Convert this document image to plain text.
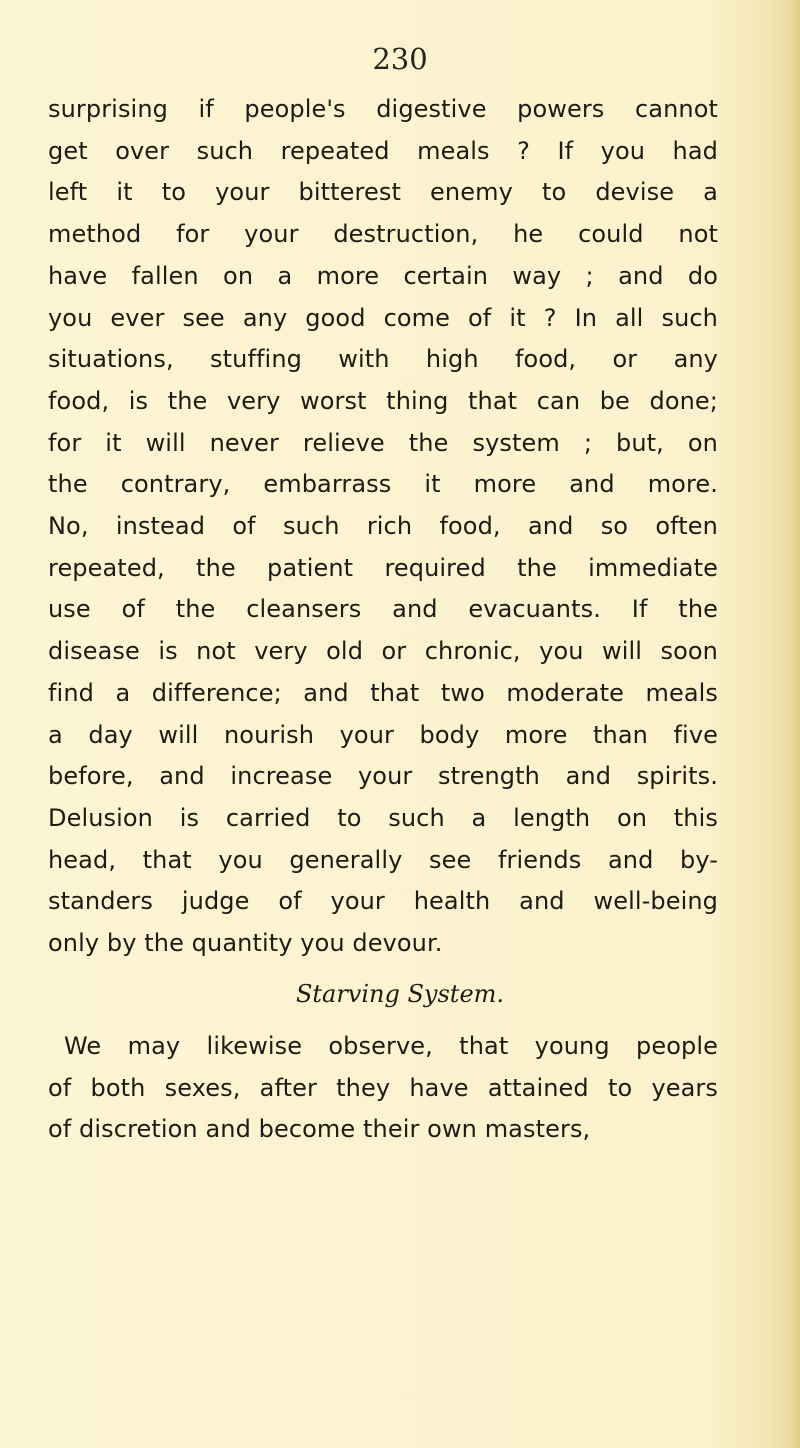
230
surprising if people's digestive powers cannot
get over such repeated meals ? If you had
left it to your bitterest enemy to devise a
method for your destruction, he could not
have fallen on a more certain way ; and do
you ever see any good come of it ? In all such
situations, stuffing with high food, or any
food, is the very worst thing that can be done;
for it will never relieve the system ; but, on
the contrary, embarrass it more and more.
No, instead of such rich food, and so often
repeated, the patient required the immediate
use of the cleansers and evacuants. If the
disease is not very old or chronic, you will soon
find a difference; and that two moderate meals
a day will nourish your body more than five
before, and increase your strength and spirits.
Delusion is carried to such a length on this
head, that you generally see friends and by-
standers judge of your health and well-being
only by the quantity you devour.
Starving System.
We may likewise observe, that young people
of both sexes, after they have attained to years
of discretion and become their own masters,
